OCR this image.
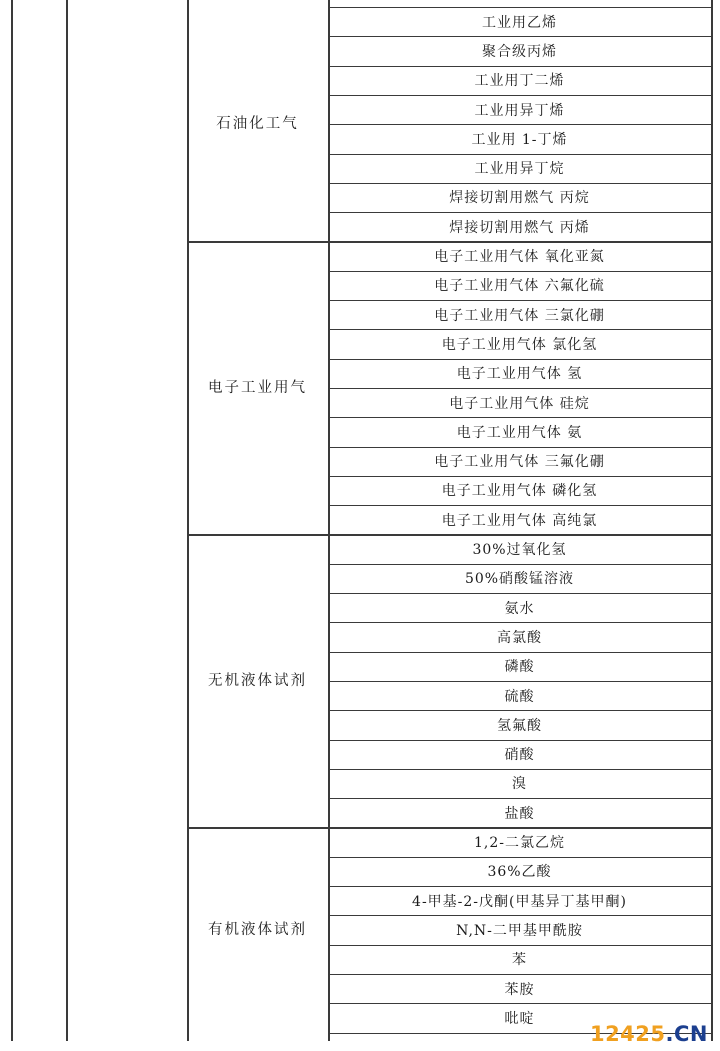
石油化工气
工业用乙烯
聚合级丙烯
工业用丁二烯
工业用异丁烯
工业用 1-丁烯
工业用异丁烷
焊接切割用燃气 丙烷
焊接切割用燃气 丙烯
电子工业用气
电子工业用气体 氧化亚氮
电子工业用气体 六氟化硫
电子工业用气体 三氯化硼
电子工业用气体 氯化氢
电子工业用气体 氢
电子工业用气体 硅烷
电子工业用气体 氨
电子工业用气体 三氟化硼
电子工业用气体 磷化氢
电子工业用气体 高纯氯
无机液体试剂
30%过氧化氢
50%硝酸锰溶液
氨水
高氯酸
磷酸
硫酸
氢氟酸
硝酸
溴
盐酸
有机液体试剂
1,2-二氯乙烷
36%乙酸
4-甲基-2-戊酮(甲基异丁基甲酮)
N,N-二甲基甲酰胺
苯
苯胺
吡啶
12425.CN
